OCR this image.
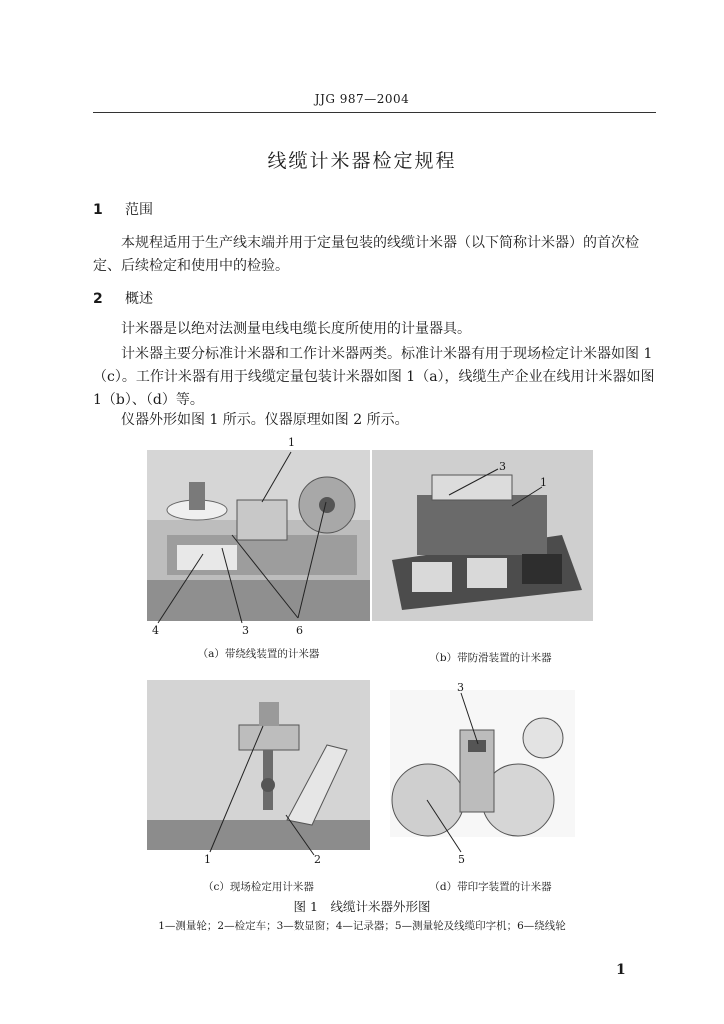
JJG 987—2004
线缆计米器检定规程
1 范围
本规程适用于生产线末端并用于定量包装的线缆计米器（以下简称计米器）的首次检定、后续检定和使用中的检验。
2 概述
计米器是以绝对法测量电线电缆长度所使用的计量器具。
计米器主要分标准计米器和工作计米器两类。标准计米器有用于现场检定计米器如图 1（c）。工作计米器有用于线缆定量包装计米器如图 1（a），线缆生产企业在线用计米器如图 1（b）、（d）等。
仪器外形如图 1 所示。仪器原理如图 2 所示。
1
4	3	6
3
1
1	2
3
5
（a）带绕线装置的计米器	（b）带防滑装置的计米器
（c）现场检定用计米器	（d）带印字装置的计米器
图 1　线缆计米器外形图
1—测量轮；2—检定车；3—数显窗；4—记录器；5—测量轮及线缆印字机；6—绕线轮
1
